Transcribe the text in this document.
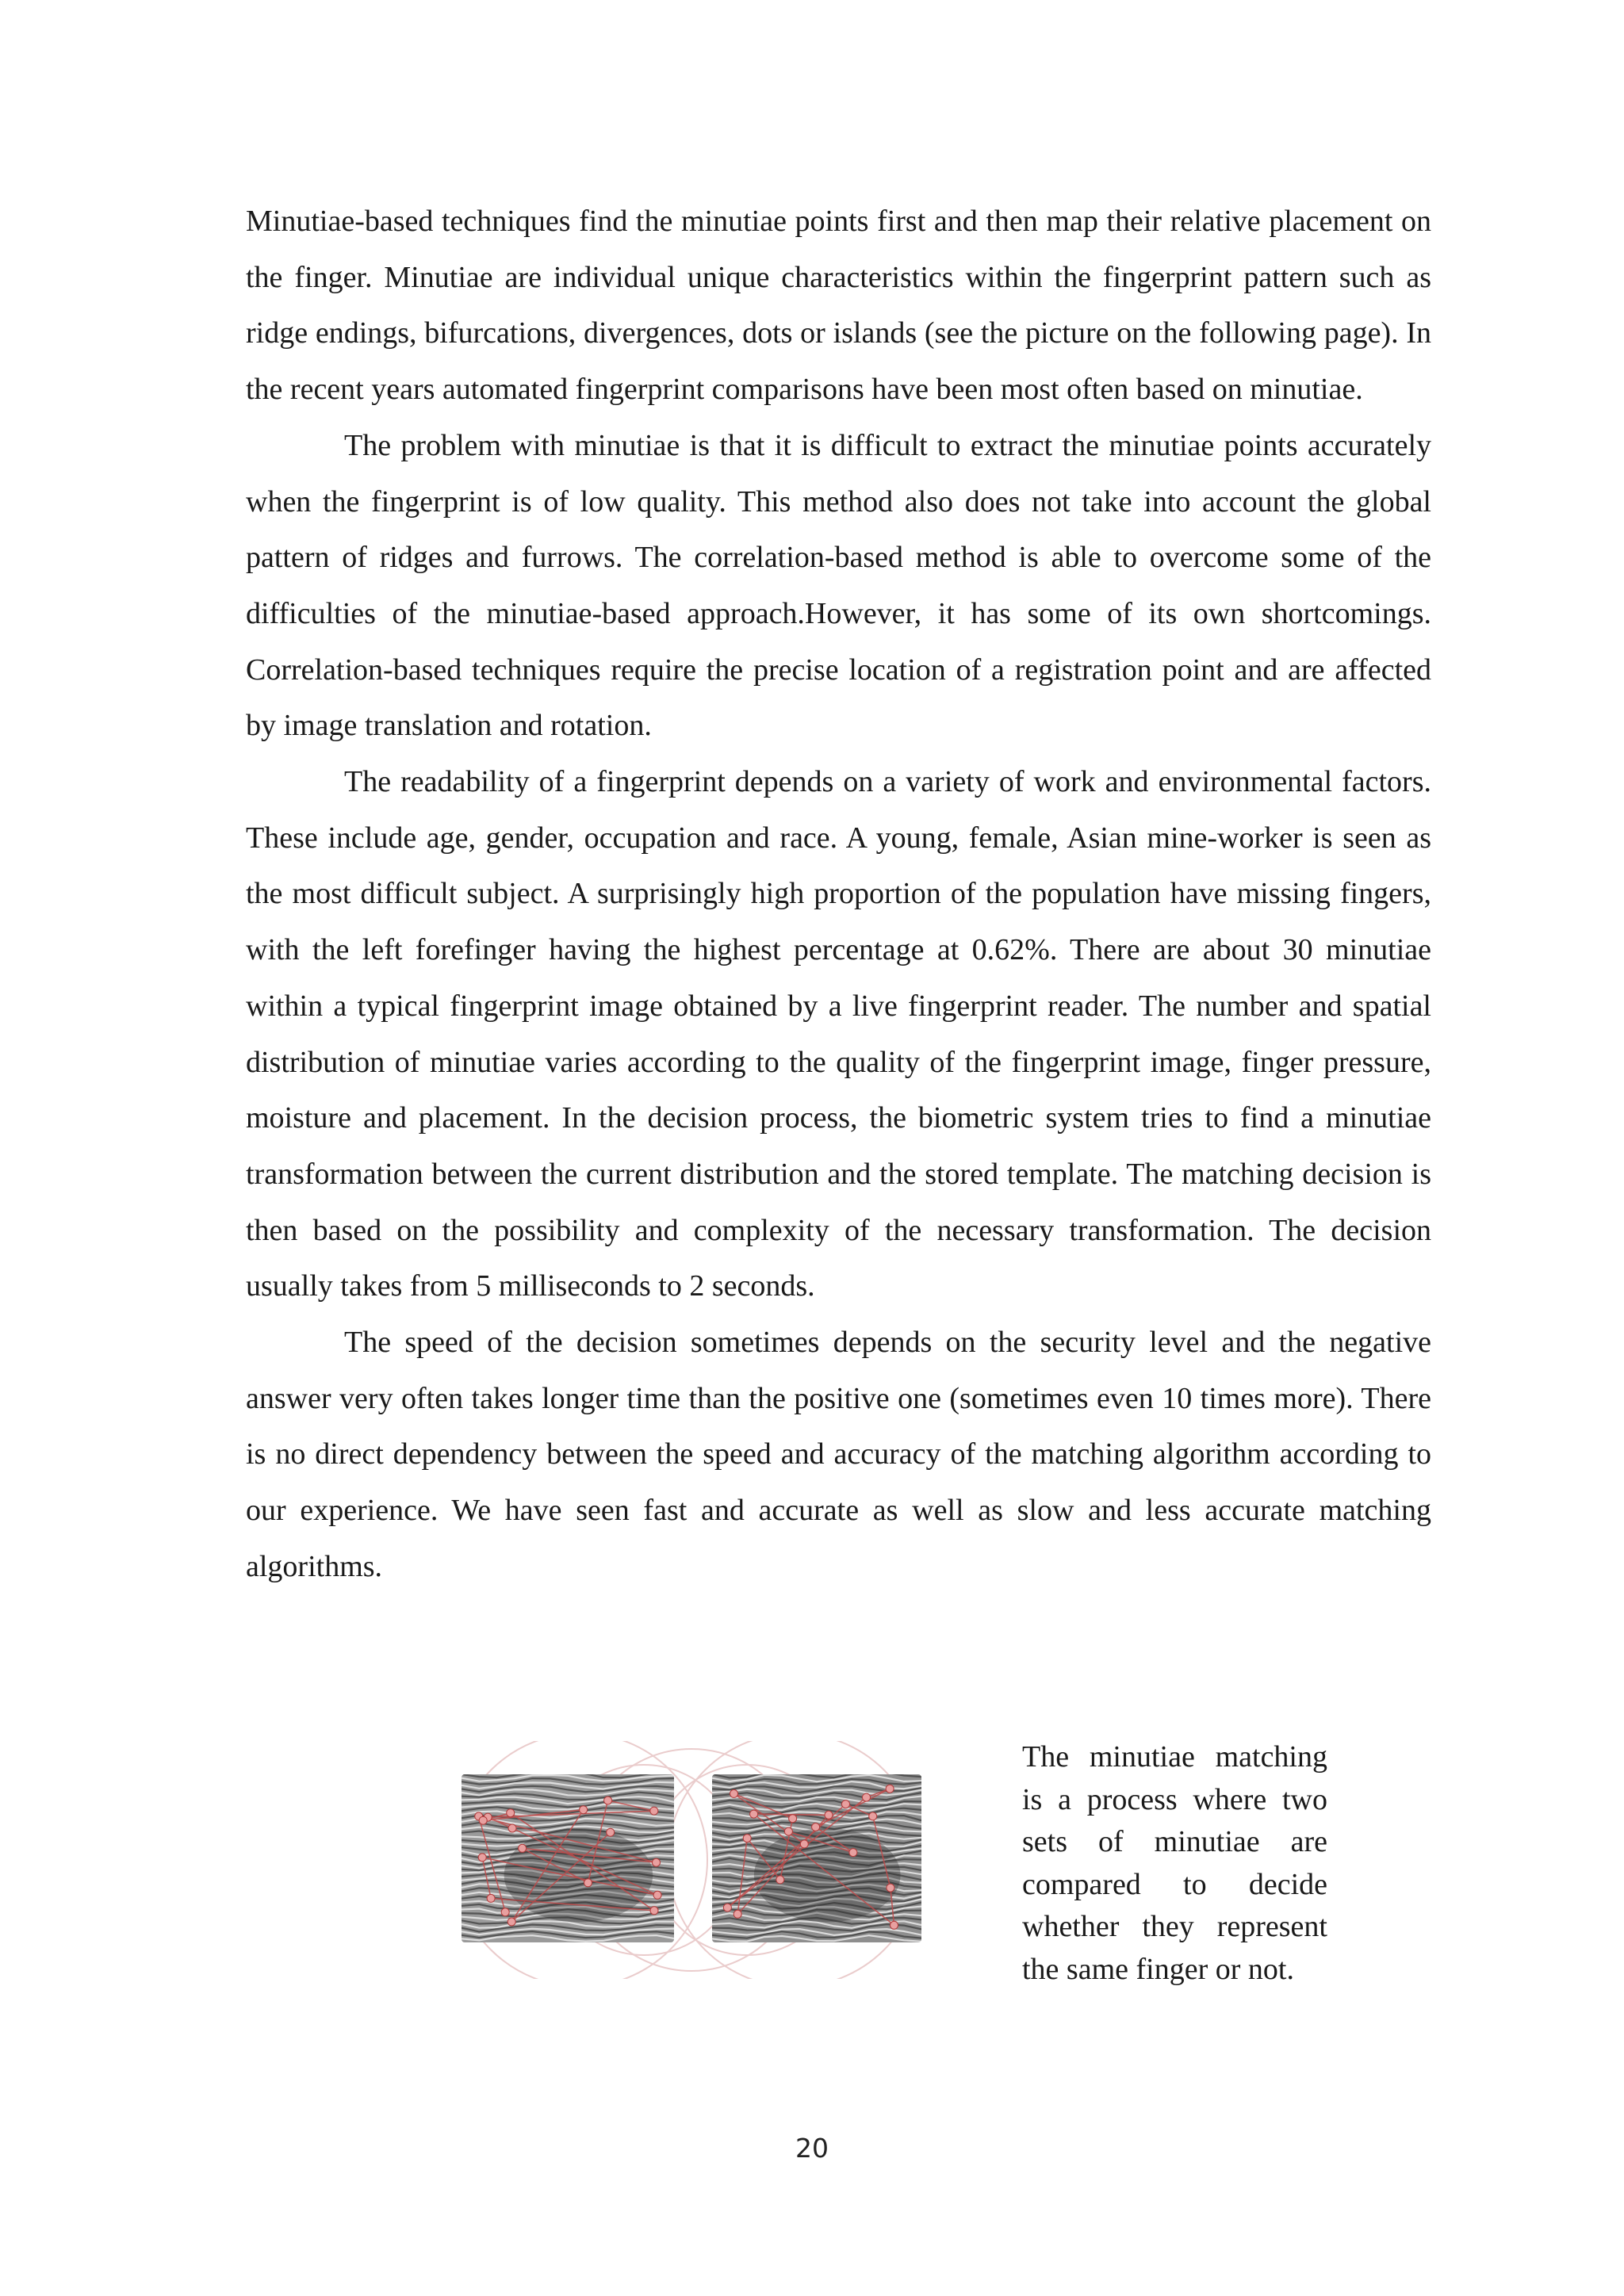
Minutiae-based techniques find the minutiae points first and then map their relative placement on the finger. Minutiae are individual unique characteristics within the fingerprint pattern such as ridge endings, bifurcations, divergences, dots or islands (see the picture on the following page). In the recent years automated fingerprint comparisons have been most often based on minutiae.

The problem with minutiae is that it is difficult to extract the minutiae points accurately when the fingerprint is of low quality. This method also does not take into account the global pattern of ridges and furrows. The correlation-based method is able to overcome some of the difficulties of the minutiae-based approach.However, it has some of its own shortcomings. Correlation-based techniques require the precise location of a registration point and are affected by image translation and rotation.

The readability of a fingerprint depends on a variety of work and environmental factors. These include age, gender, occupation and race. A young, female, Asian mine-worker is seen as the most difficult subject. A surprisingly high proportion of the population have missing fingers, with the left forefinger having the highest percentage at 0.62%. There are about 30 minutiae within a typical fingerprint image obtained by a live fingerprint reader. The number and spatial distribution of minutiae varies according to the quality of the fingerprint image, finger pressure, moisture and placement. In the decision process, the biometric system tries to find a minutiae transformation between the current distribution and the stored template. The matching decision is then based on the possibility and complexity of the necessary transformation. The decision usually takes from 5 milliseconds to 2 seconds.

The speed of the decision sometimes depends on the security level and the negative answer very often takes longer time than the positive one (sometimes even 10 times more). There is no direct dependency between the speed and accuracy of the matching algorithm according to our experience. We have seen fast and accurate as well as slow and less accurate matching algorithms.

The minutiae matching is a process where two sets of minutiae are compared to decide whether they represent the same finger or not.

20
